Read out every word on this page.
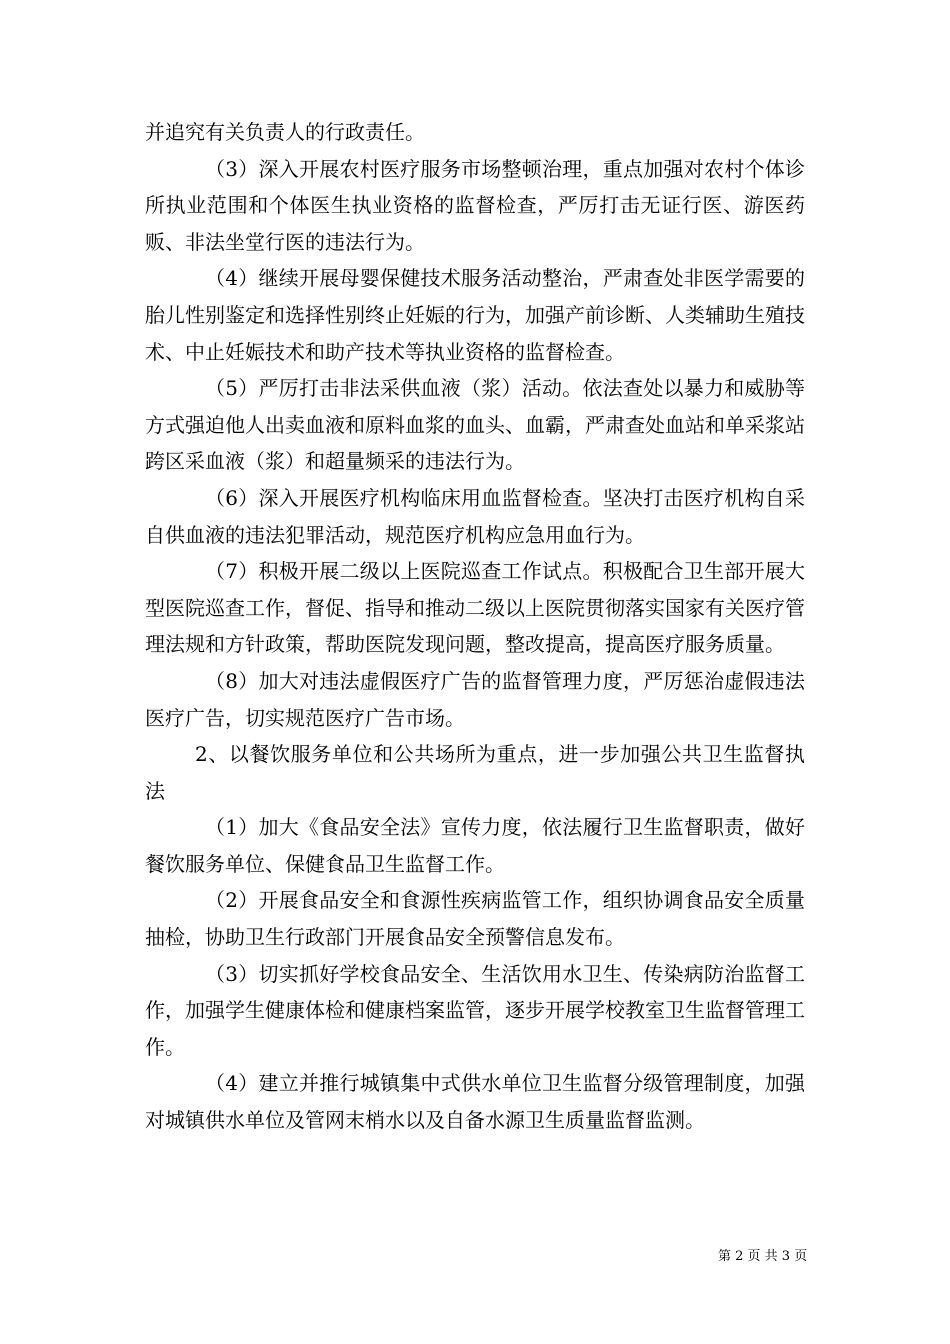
并追究有关负责人的行政责任。

（3）深入开展农村医疗服务市场整顿治理，重点加强对农村个体诊所执业范围和个体医生执业资格的监督检查，严厉打击无证行医、游医药贩、非法坐堂行医的违法行为。

（4）继续开展母婴保健技术服务活动整治，严肃查处非医学需要的胎儿性别鉴定和选择性别终止妊娠的行为，加强产前诊断、人类辅助生殖技术、中止妊娠技术和助产技术等执业资格的监督检查。

（5）严厉打击非法采供血液（浆）活动。依法查处以暴力和威胁等方式强迫他人出卖血液和原料血浆的血头、血霸，严肃查处血站和单采浆站跨区采血液（浆）和超量频采的违法行为。

（6）深入开展医疗机构临床用血监督检查。坚决打击医疗机构自采自供血液的违法犯罪活动，规范医疗机构应急用血行为。

（7）积极开展二级以上医院巡查工作试点。积极配合卫生部开展大型医院巡查工作，督促、指导和推动二级以上医院贯彻落实国家有关医疗管理法规和方针政策，帮助医院发现问题，整改提高，提高医疗服务质量。

（8）加大对违法虚假医疗广告的监督管理力度，严厉惩治虚假违法医疗广告，切实规范医疗广告市场。

2、以餐饮服务单位和公共场所为重点，进一步加强公共卫生监督执法

（1）加大《食品安全法》宣传力度，依法履行卫生监督职责，做好餐饮服务单位、保健食品卫生监督工作。

（2）开展食品安全和食源性疾病监管工作，组织协调食品安全质量抽检，协助卫生行政部门开展食品安全预警信息发布。

（3）切实抓好学校食品安全、生活饮用水卫生、传染病防治监督工作，加强学生健康体检和健康档案监管，逐步开展学校教室卫生监督管理工作。

（4）建立并推行城镇集中式供水单位卫生监督分级管理制度，加强对城镇供水单位及管网末梢水以及自备水源卫生质量监督监测。

第 2 页 共 3 页
